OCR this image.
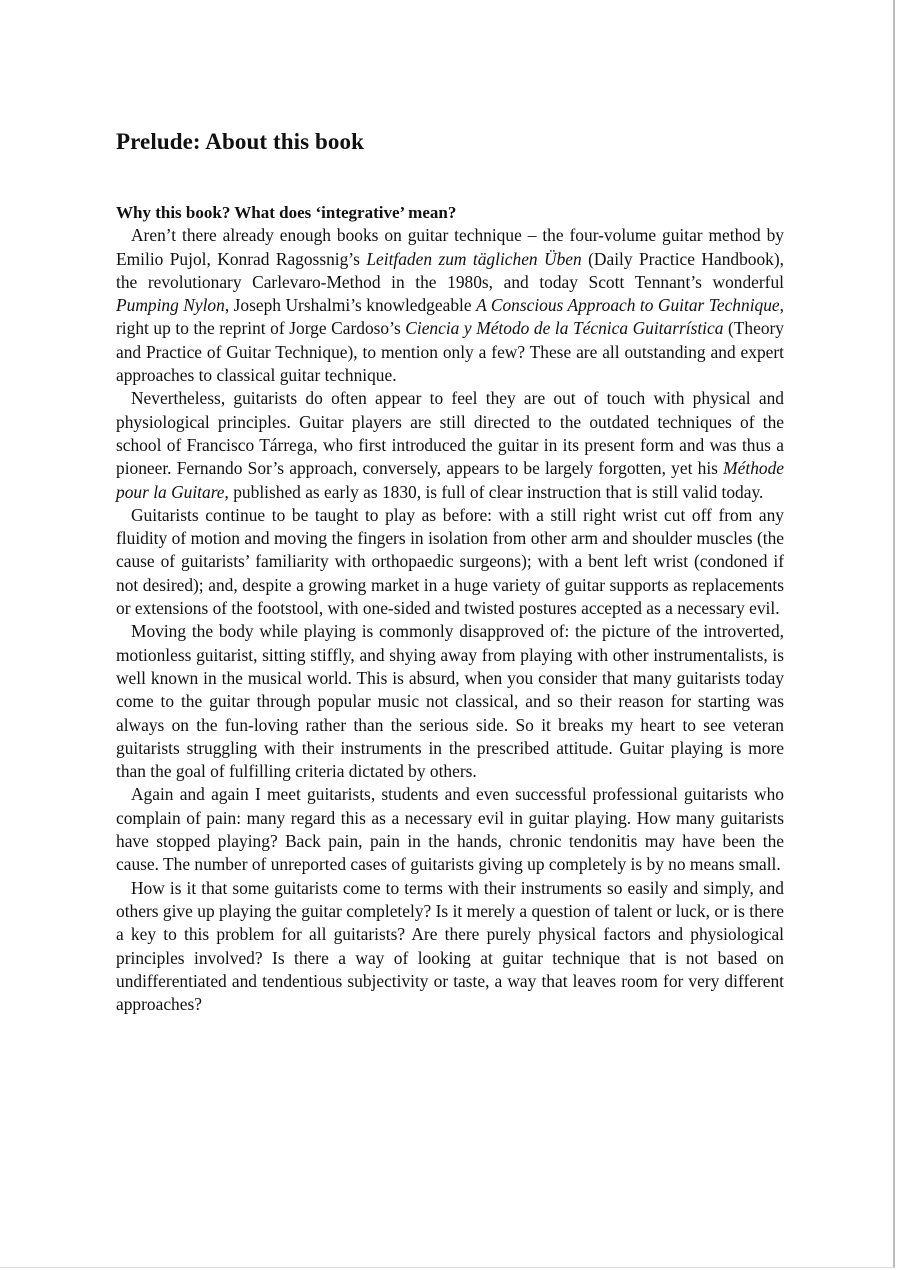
Prelude: About this book
Why this book? What does ‘integrative’ mean?

Aren’t there already enough books on guitar technique – the four-volume guitar method by Emilio Pujol, Konrad Ragossnig’s Leitfaden zum täglichen Üben (Daily Practice Handbook), the revolutionary Carlevaro-Method in the 1980s, and today Scott Tennant’s wonderful Pumping Nylon, Joseph Urshalmi’s knowledgeable A Conscious Approach to Guitar Technique, right up to the reprint of Jorge Cardoso’s Ciencia y Método de la Técnica Guitarrística (Theory and Practice of Guitar Technique), to mention only a few? These are all outstanding and expert approaches to classical guitar technique.

Nevertheless, guitarists do often appear to feel they are out of touch with physical and physiological principles. Guitar players are still directed to the outdated techniques of the school of Francisco Tárrega, who first introduced the guitar in its present form and was thus a pioneer. Fernando Sor’s approach, conversely, appears to be largely forgotten, yet his Méthode pour la Guitare, published as early as 1830, is full of clear instruction that is still valid today.

Guitarists continue to be taught to play as before: with a still right wrist cut off from any fluidity of motion and moving the fingers in isolation from other arm and shoulder muscles (the cause of guitarists’ familiarity with orthopaedic surgeons); with a bent left wrist (condoned if not desired); and, despite a growing market in a huge variety of guitar supports as replacements or extensions of the footstool, with one-sided and twisted postures accepted as a necessary evil.

Moving the body while playing is commonly disapproved of: the picture of the introverted, motionless guitarist, sitting stiffly, and shying away from playing with other instrumentalists, is well known in the musical world. This is absurd, when you consider that many guitarists today come to the guitar through popular music not classical, and so their reason for starting was always on the fun-loving rather than the serious side. So it breaks my heart to see veteran guitarists struggling with their instruments in the prescribed attitude. Guitar playing is more than the goal of fulfilling criteria dictated by others.

Again and again I meet guitarists, students and even successful professional guitarists who complain of pain: many regard this as a necessary evil in guitar playing. How many guitarists have stopped playing? Back pain, pain in the hands, chronic tendonitis may have been the cause. The number of unreported cases of guitarists giving up completely is by no means small.

How is it that some guitarists come to terms with their instruments so easily and simply, and others give up playing the guitar completely? Is it merely a question of talent or luck, or is there a key to this problem for all guitarists? Are there purely physical factors and physiological principles involved? Is there a way of looking at guitar technique that is not based on undifferentiated and tendentious subjectivity or taste, a way that leaves room for very different approaches?
